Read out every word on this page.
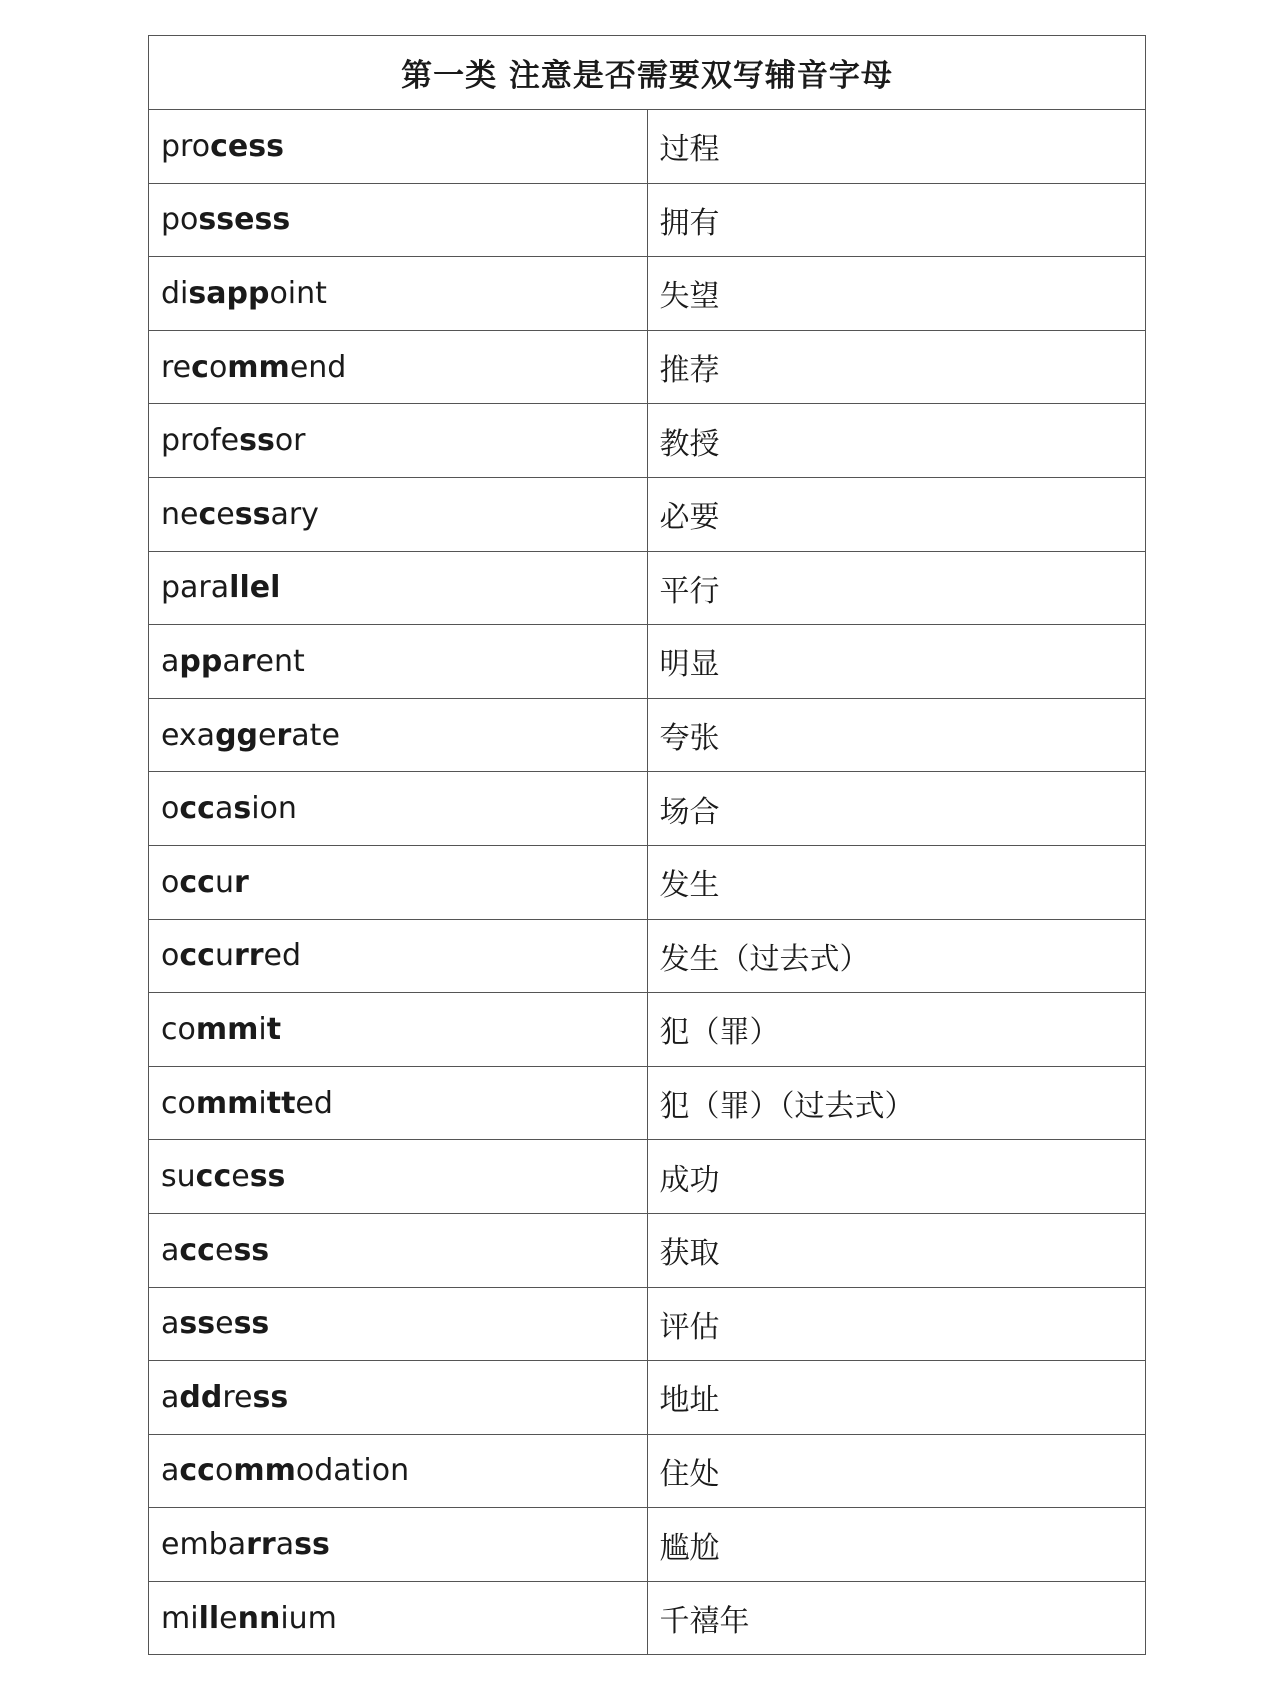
第一类 注意是否需要双写辅音字母	
process	过程
possess	拥有
disappoint	失望
recommend	推荐
professor	教授
necessary	必要
parallel	平行
apparent	明显
exaggerate	夸张
occasion	场合
occur	发生
occurred	发生（过去式）
commit	犯（罪）
committed	犯（罪）（过去式）
success	成功
access	获取
assess	评估
address	地址
accommodation	住处
embarrass	尴尬
millennium	千禧年
